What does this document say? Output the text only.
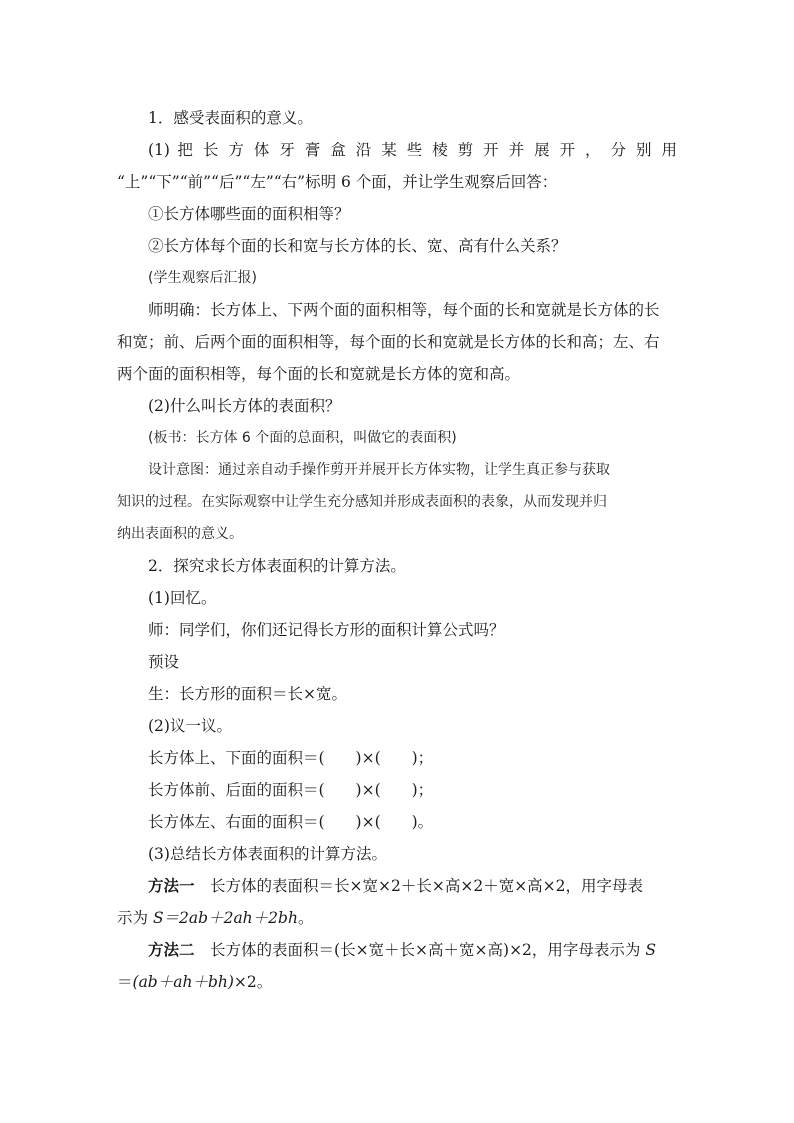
1．感受表面积的意义。
(1) 把 长 方 体 牙 膏 盒 沿 某 些 棱 剪 开 并 展 开 ， 分 别 用
“上”“下”“前”“后”“左”“右”标明 6 个面，并让学生观察后回答：
①长方体哪些面的面积相等？
②长方体每个面的长和宽与长方体的长、宽、高有什么关系？
(学生观察后汇报)
师明确：长方体上、下两个面的面积相等，每个面的长和宽就是长方体的长
和宽；前、后两个面的面积相等，每个面的长和宽就是长方体的长和高；左、右
两个面的面积相等，每个面的长和宽就是长方体的宽和高。
(2)什么叫长方体的表面积？
(板书：长方体 6 个面的总面积，叫做它的表面积)
设计意图：通过亲自动手操作剪开并展开长方体实物，让学生真正参与获取
知识的过程。在实际观察中让学生充分感知并形成表面积的表象，从而发现并归
纳出表面积的意义。
2．探究求长方体表面积的计算方法。
(1)回忆。
师：同学们，你们还记得长方形的面积计算公式吗？
预设
生：长方形的面积＝长×宽。
(2)议一议。
长方体上、下面的面积＝(　　)×(　　)；
长方体前、后面的面积＝(　　)×(　　)；
长方体左、右面的面积＝(　　)×(　　)。
(3)总结长方体表面积的计算方法。
方法一　长方体的表面积＝长×宽×2＋长×高×2＋宽×高×2，用字母表
示为 S＝2ab＋2ah＋2bh。
方法二　长方体的表面积＝(长×宽＋长×高＋宽×高)×2，用字母表示为 S
＝(ab＋ah＋bh)×2。
